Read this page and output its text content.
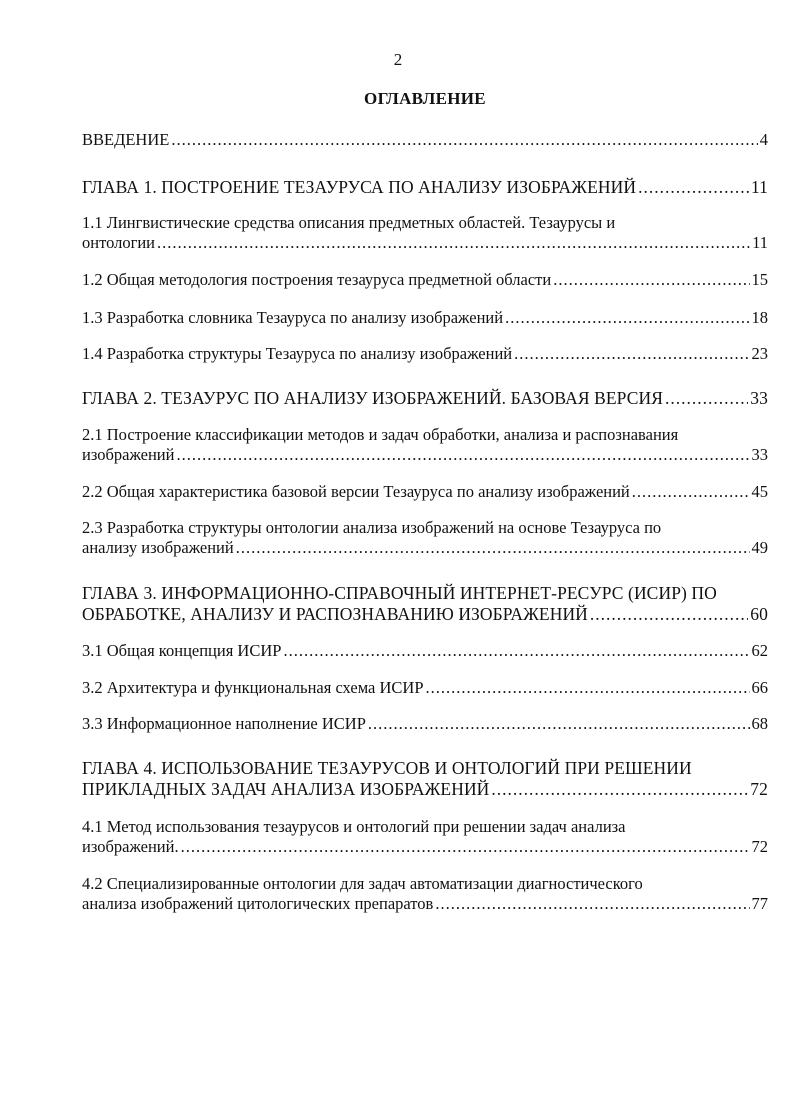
2
ОГЛАВЛЕНИЕ
ВВЕДЕНИЕ .....	4
ГЛАВА 1. ПОСТРОЕНИЕ ТЕЗАУРУСА ПО АНАЛИЗУ ИЗОБРАЖЕНИЙ .....	11
1.1 Лингвистические средства описания предметных областей. Тезаурусы и
онтологии .....	11
1.2 Общая методология построения тезауруса предметной области .....	15
1.3 Разработка словника Тезауруса по анализу изображений .....	18
1.4 Разработка структуры Тезауруса по анализу изображений .....	23
ГЛАВА 2. ТЕЗАУРУС ПО АНАЛИЗУ ИЗОБРАЖЕНИЙ. БАЗОВАЯ ВЕРСИЯ .....	33
2.1 Построение классификации методов и задач обработки, анализа и распознавания
изображений .....	33
2.2 Общая характеристика базовой версии Тезауруса по анализу изображений .....	45
2.3 Разработка структуры онтологии анализа изображений на основе Тезауруса по
анализу изображений .....	49
ГЛАВА 3. ИНФОРМАЦИОННО-СПРАВОЧНЫЙ ИНТЕРНЕТ-РЕСУРС (ИСИР) ПО
ОБРАБОТКЕ, АНАЛИЗУ И РАСПОЗНАВАНИЮ ИЗОБРАЖЕНИЙ .....	60
3.1 Общая концепция ИСИР .....	62
3.2 Архитектура и функциональная схема ИСИР .....	66
3.3 Информационное наполнение ИСИР .....	68
ГЛАВА 4. ИСПОЛЬЗОВАНИЕ ТЕЗАУРУСОВ И ОНТОЛОГИЙ ПРИ РЕШЕНИИ
ПРИКЛАДНЫХ ЗАДАЧ АНАЛИЗА ИЗОБРАЖЕНИЙ .....	72
4.1 Метод использования тезаурусов и онтологий при решении задач анализа
изображений. .....	72
4.2 Специализированные онтологии для задач автоматизации диагностического
анализа изображений цитологических препаратов .....	77
